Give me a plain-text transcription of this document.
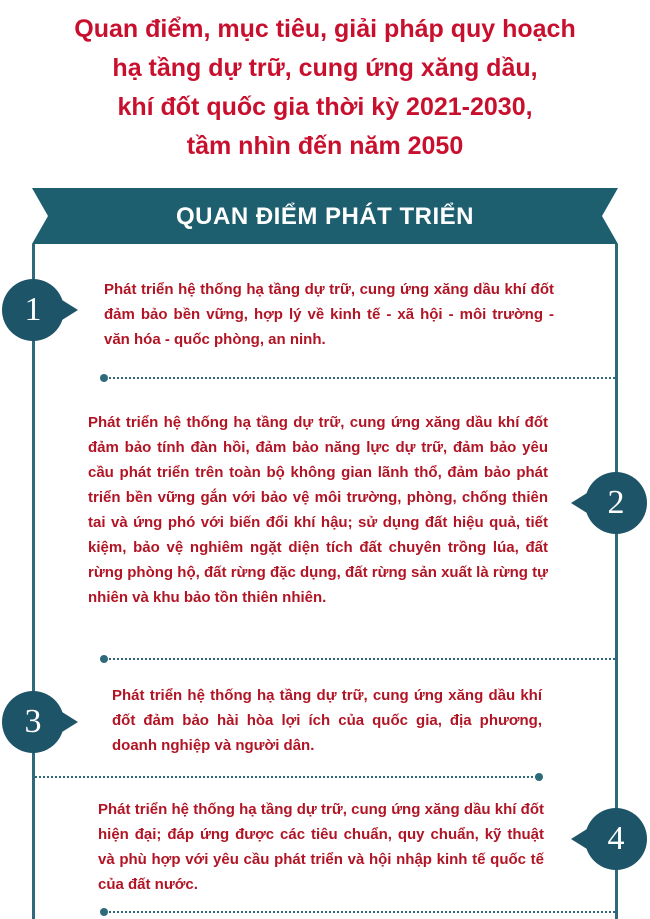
Quan điểm, mục tiêu, giải pháp quy hoạch
hạ tầng dự trữ, cung ứng xăng dầu,
khí đốt quốc gia thời kỳ 2021-2030,
tầm nhìn đến năm 2050
QUAN ĐIỂM PHÁT TRIỂN
1
Phát triển hệ thống hạ tầng dự trữ, cung ứng xăng dầu khí đốt đảm bảo bền vững, hợp lý về kinh tế - xã hội - môi trường - văn hóa - quốc phòng, an ninh.
2
Phát triển hệ thống hạ tầng dự trữ, cung ứng xăng dầu khí đốt đảm bảo tính đàn hồi, đảm bảo năng lực dự trữ, đảm bảo yêu cầu phát triển trên toàn bộ không gian lãnh thổ, đảm bảo phát triển bền vững gắn với bảo vệ môi trường, phòng, chống thiên tai và ứng phó với biến đổi khí hậu; sử dụng đất hiệu quả, tiết kiệm, bảo vệ nghiêm ngặt diện tích đất chuyên trồng lúa, đất rừng phòng hộ, đất rừng đặc dụng, đất rừng sản xuất là rừng tự nhiên và khu bảo tồn thiên nhiên.
3
Phát triển hệ thống hạ tầng dự trữ, cung ứng xăng dầu khí đốt đảm bảo hài hòa lợi ích của quốc gia, địa phương, doanh nghiệp và người dân.
4
Phát triển hệ thống hạ tầng dự trữ, cung ứng xăng dầu khí đốt hiện đại; đáp ứng được các tiêu chuẩn, quy chuẩn, kỹ thuật và phù hợp với yêu cầu phát triển và hội nhập kinh tế quốc tế của đất nước.
